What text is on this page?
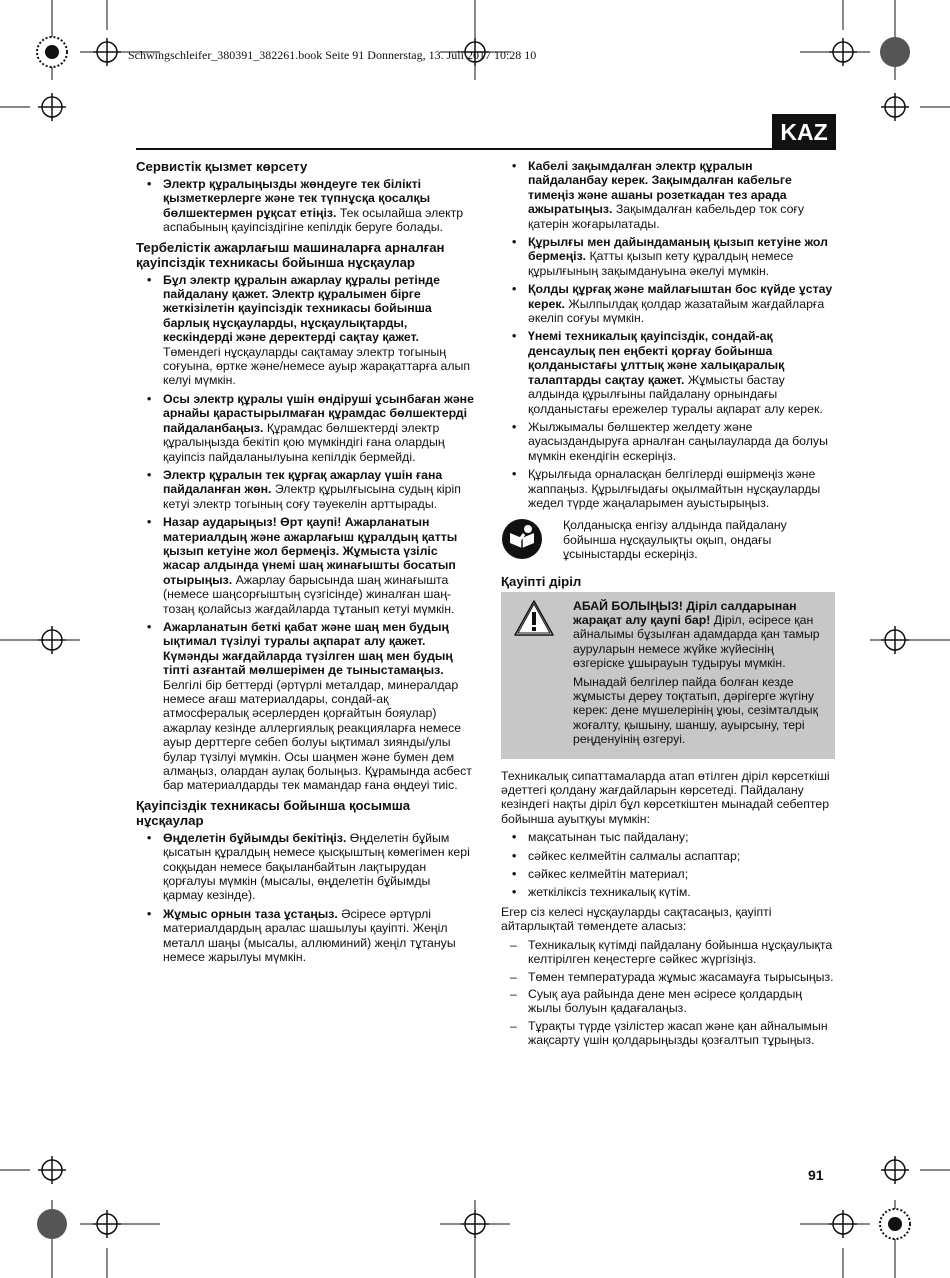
Schwingschleifer_380391_382261.book Seite 91 Donnerstag, 13. Juli 2017 10:28 10
KAZ
Сервистік қызмет көрсету
• Электр құралыңызды жөндеуге тек білікті қызметкерлерге және тек түпнұсқа қосалқы бөлшектермен рұқсат етіңіз. Тек осылайша электр аспабының қауіпсіздігіне кепілдік беруге болады.
Тербелістік ажарлағыш машиналарға арналған қауіпсіздік техникасы бойынша нұсқаулар
• Бұл электр құралын ажарлау құралы ретінде пайдалану қажет. Электр құралымен бірге жеткізілетін қауіпсіздік техникасы бойынша барлық нұсқауларды, нұсқаулықтарды, кескіндерді және деректерді сақтау қажет. Төмендегі нұсқауларды сақтамау электр тогының соғуына, өртке және/немесе ауыр жарақаттарға алып келуі мүмкін.
• Осы электр құралы үшін өндіруші ұсынбаған және арнайы қарастырылмаған құрамдас бөлшектерді пайдаланбаңыз. Құрамдас бөлшектерді электр құралыңызда бекітіп қою мүмкіндігі ғана олардың қауіпсіз пайдаланылуына кепілдік бермейді.
• Электр құралын тек құрғақ ажарлау үшін ғана пайдаланған жөн. Электр құрылғысына судың кіріп кетуі электр тогының соғу тәуекелін арттырады.
• Назар аударыңыз! Өрт қаупі! Ажарланатын материалдың және ажарлағыш құралдың қатты қызып кетуіне жол бермеңіз. Жұмыста үзіліс жасар алдында үнемі шаң жинағышты босатып отырыңыз. Ажарлау барысында шаң жинағышта (немесе шаңсорғыштың сүзгісінде) жиналған шаң-тозаң қолайсыз жағдайларда тұтанып кетуі мүмкін.
• Ажарланатын беткі қабат және шаң мен будың ықтимал түзілуі туралы ақпарат алу қажет. Күмәнды жағдайларда түзілген шаң мен будың тіпті азғантай мөлшерімен де тыныстамаңыз. Белгілі бір беттерді (әртүрлі металдар, минералдар немесе ағаш материалдары, сондай-ақ атмосфералық әсерлерден қорғайтын бояулар) ажарлау кезінде аллергиялық реакцияларға немесе ауыр дерттерге себеп болуы ықтимал зиянды/улы булар түзілуі мүмкін. Осы шаңмен және бумен дем алмаңыз, олардан аулақ болыңыз. Құрамында асбест бар материалдарды тек мамандар ғана өңдеуі тиіс.
Қауіпсіздік техникасы бойынша қосымша нұсқаулар
• Өңделетін бұйымды бекітіңіз. Өңделетін бұйым қысатын құралдың немесе қысқыштың көмегімен кері соққыдан немесе бақыланбайтын лақтырудан қорғалуы мүмкін (мысалы, өңделетін бұйымды қармау кезінде).
• Жұмыс орнын таза ұстаңыз. Әсіресе әртүрлі материалдардың аралас шашылуы қауіпті. Жеңіл металл шаңы (мысалы, аллюминий) жеңіл тұтануы немесе жарылуы мүмкін.
• Кабелі зақымдалған электр құралын пайдаланбау керек. Зақымдалған кабельге тимеңіз және ашаны розеткадан тез арада ажыратыңыз. Зақымдалған кабельдер ток соғу қатерін жоғарылатады.
• Құрылғы мен дайындаманың қызып кетуіне жол бермеңіз. Қатты қызып кету құралдың немесе құрылғының зақымдануына әкелуі мүмкін.
• Қолды құрғақ және майлағыштан бос күйде ұстау керек. Жылпылдақ қолдар жазатайым жағдайларға әкеліп соғуы мүмкін.
• Үнемі техникалық қауіпсіздік, сондай-ақ денсаулық пен еңбекті қорғау бойынша қолданыстағы ұлттық және халықаралық талаптарды сақтау қажет. Жұмысты бастау алдында құрылғыны пайдалану орнындағы қолданыстағы ережелер туралы ақпарат алу керек.
• Жылжымалы бөлшектер желдету және ауасыздандыруға арналған саңылауларда да болуы мүмкін екендігін ескеріңіз.
• Құрылғыда орналасқан белгілерді өшірмеңіз және жаппаңыз. Құрылғыдағы оқылмайтын нұсқауларды жедел түрде жаңаларымен ауыстырыңыз.
Қолданысқа енгізу алдында пайдалану бойынша нұсқаулықты оқып, ондағы ұсыныстарды ескеріңіз.
Қауіпті діріл

АБАЙ БОЛЫҢЫЗ! Діріл салдарынан жарақат алу қаупі бар! Діріл, әсіресе қан айналымы бұзылған адамдарда қан тамыр ауруларын немесе жүйке жүйесінің өзгеріске ұшырауын тудыруы мүмкін.

Мынадай белгілер пайда болған кезде жұмысты дереу тоқтатып, дәрігерге жүгіну керек: дене мүшелерінің ұюы, сезімталдық жоғалту, қышыну, шаншу, ауырсыну, тері реңденуінің өзгеруі.

Техникалық сипаттамаларда атап өтілген діріл көрсеткіші әдеттегі қолдану жағдайларын көрсетеді. Пайдалану кезіндегі нақты діріл бұл көрсеткіштен мынадай себептер бойынша ауытқуы мүмкін:

• мақсатынан тыс пайдалану;
• сәйкес келмейтін салмалы аспаптар;
• сәйкес келмейтін материал;
• жеткіліксіз техникалық күтім.

Егер сіз келесі нұсқауларды сақтасаңыз, қауіпті айтарлықтай төмендете аласыз:

– Техникалық күтімді пайдалану бойынша нұсқаулықта келтірілген кеңестерге сәйкес жүргізіңіз.
– Төмен температурада жұмыс жасамауға тырысыңыз.
– Суық ауа райында дене мен әсіресе қолдардың жылы болуын қадағалаңыз.
– Тұрақты түрде үзілістер жасап және қан айналымын жақсарту үшін қолдарыңызды қозғалтып тұрыңыз.
91
